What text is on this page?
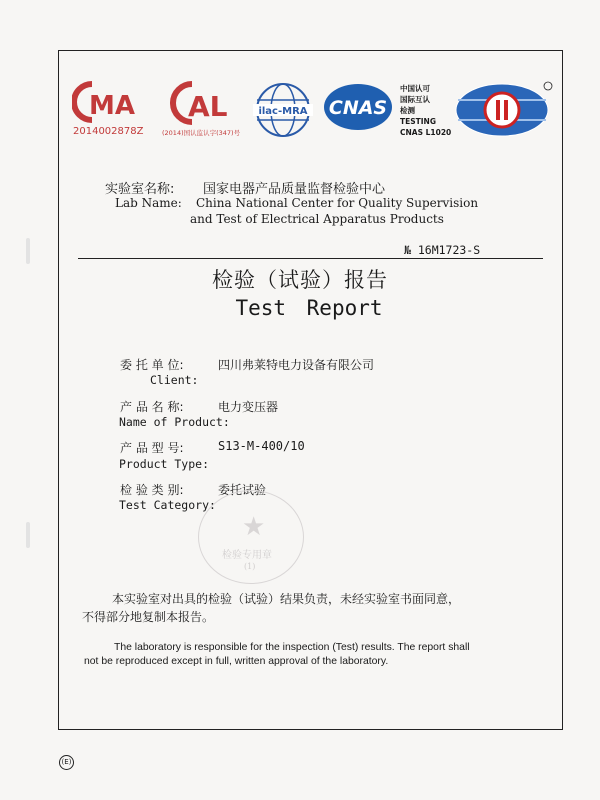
MA
2014002878Z
AL
(2014)国认监认字(347)号
ilac-MRA CNAS
中国认可
国际互认
检测
TESTING
CNAS L1020
实验室名称: 国家电器产品质量监督检验中心
Lab Name: China National Center for Quality Supervision
and Test of Electrical Apparatus Products
№ 16M1723-S
检验（试验）报告
Test Report
委 托 单 位:	四川弗莱特电力设备有限公司
Client:
产 品 名 称:	电力变压器
Name of Product:
产 品 型 号:	S13-M-400/10
Product Type:
检 验 类 别:	委托试验
Test Category:
★
检验专用章
(1)
本实验室对出具的检验（试验）结果负责，未经实验室书面同意，
不得部分地复制本报告。
The laboratory is responsible for the inspection (Test) results. The report shall
not be reproduced except in full, written approval of the laboratory.
(E)
